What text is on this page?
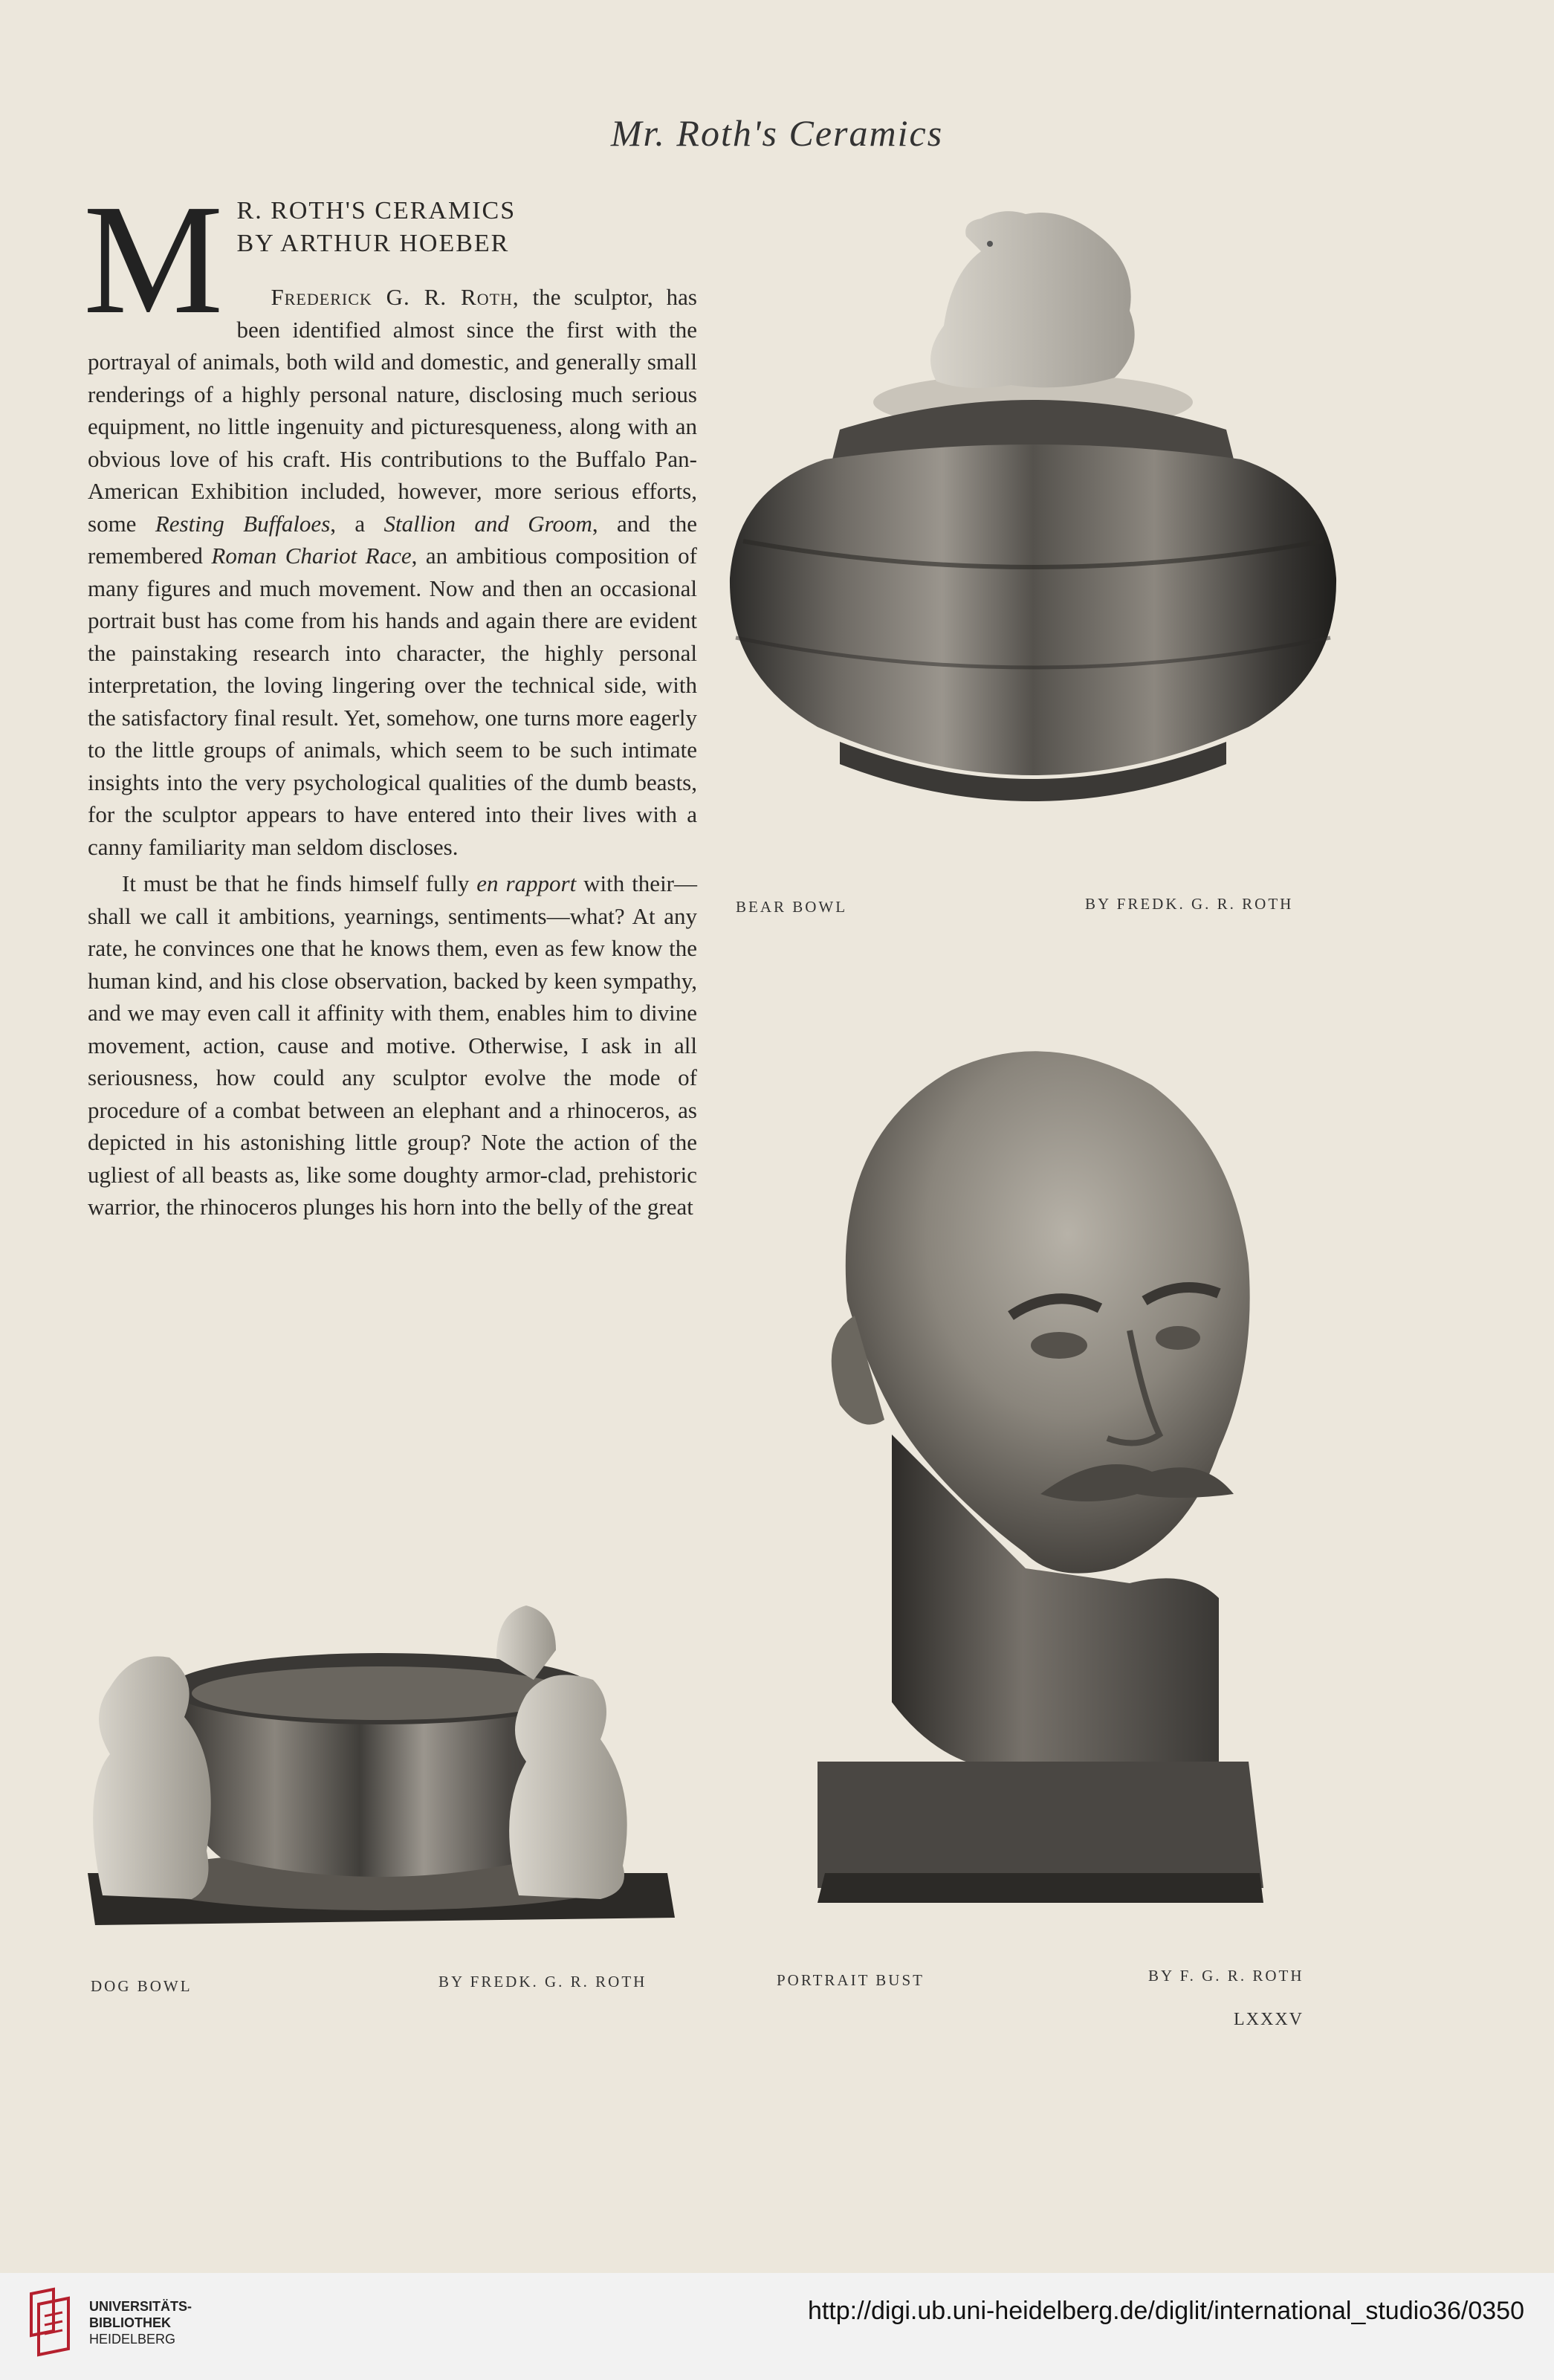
Mr. Roth's Ceramics
M R. ROTH'S CERAMICS
BY ARTHUR HOEBER

Frederick G. R. Roth, the sculptor, has been identified almost since the first with the portrayal of animals, both wild and domestic, and generally small renderings of a highly personal nature, disclosing much serious equipment, no little ingenuity and picturesqueness, along with an obvious love of his craft. His contributions to the Buffalo Pan-American Exhibition included, however, more serious efforts, some Resting Buffaloes, a Stallion and Groom, and the remembered Roman Chariot Race, an ambitious composition of many figures and much movement. Now and then an occasional portrait bust has come from his hands and again there are evident the painstaking research into character, the highly personal interpretation, the loving lingering over the technical side, with the satisfactory final result. Yet, somehow, one turns more eagerly to the little groups of animals, which seem to be such intimate insights into the very psychological qualities of the dumb beasts, for the sculptor appears to have entered into their lives with a canny familiarity man seldom discloses.

It must be that he finds himself fully en rapport with their—shall we call it ambitions, yearnings, sentiments—what? At any rate, he convinces one that he knows them, even as few know the human kind, and his close observation, backed by keen sympathy, and we may even call it affinity with them, enables him to divine movement, action, cause and motive. Otherwise, I ask in all seriousness, how could any sculptor evolve the mode of procedure of a combat between an elephant and a rhinoceros, as depicted in his astonishing little group? Note the action of the ugliest of all beasts as, like some doughty armor-clad, prehistoric warrior, the rhinoceros plunges his horn into the belly of the great

BEAR BOWL	BY FREDK. G. R. ROTH
PORTRAIT BUST	BY F. G. R. ROTH
DOG BOWL	BY FREDK. G. R. ROTH
LXXXV
UNIVERSITÄTS-
BIBLIOTHEK
HEIDELBERG
http://digi.ub.uni-heidelberg.de/diglit/international_studio36/0350
